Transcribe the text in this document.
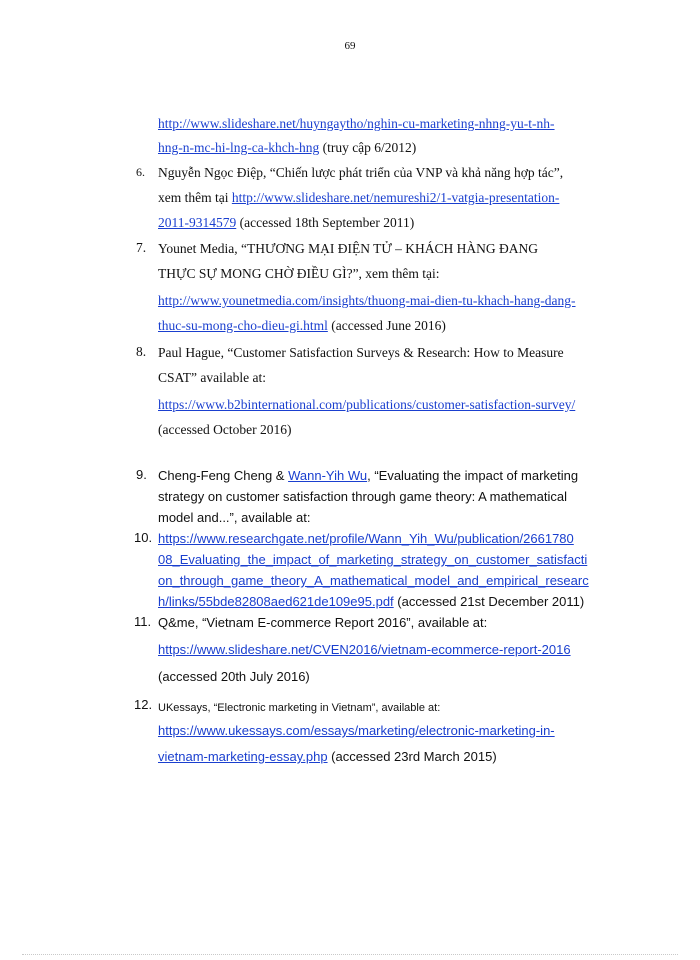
69
http://www.slideshare.net/huyngaytho/nghin-cu-marketing-nhng-yu-t-nh-
hng-n-mc-hi-lng-ca-khch-hng (truy cập 6/2012)
6. Nguyễn Ngọc Điệp, “Chiến lược phát triển của VNP và khả năng hợp tác”,
xem thêm tại http://www.slideshare.net/nemureshi2/1-vatgia-presentation-
2011-9314579 (accessed 18th September 2011)
7. Younet Media, “THƯƠNG MẠI ĐIỆN TỬ – KHÁCH HÀNG ĐANG
THỰC SỰ MONG CHỜ ĐIỀU GÌ?”, xem thêm tại:
http://www.younetmedia.com/insights/thuong-mai-dien-tu-khach-hang-dang-
thuc-su-mong-cho-dieu-gi.html (accessed June 2016)
8. Paul Hague, “Customer Satisfaction Surveys & Research: How to Measure
CSAT” available at:
https://www.b2binternational.com/publications/customer-satisfaction-survey/
(accessed October 2016)
9. Cheng-Feng Cheng & Wann-Yih Wu, “Evaluating the impact of marketing
strategy on customer satisfaction through game theory: A mathematical
model and...”, available at:
10. https://www.researchgate.net/profile/Wann_Yih_Wu/publication/2661780
08_Evaluating_the_impact_of_marketing_strategy_on_customer_satisfacti
on_through_game_theory_A_mathematical_model_and_empirical_researc
h/links/55bde82808aed621de109e95.pdf (accessed 21st December 2011)
11. Q&me, “Vietnam E-commerce Report 2016”, available at:
https://www.slideshare.net/CVEN2016/vietnam-ecommerce-report-2016
(accessed 20th July 2016)
12. UKessays, “Electronic marketing in Vietnam”, available at:
https://www.ukessays.com/essays/marketing/electronic-marketing-in-
vietnam-marketing-essay.php (accessed 23rd March 2015)
